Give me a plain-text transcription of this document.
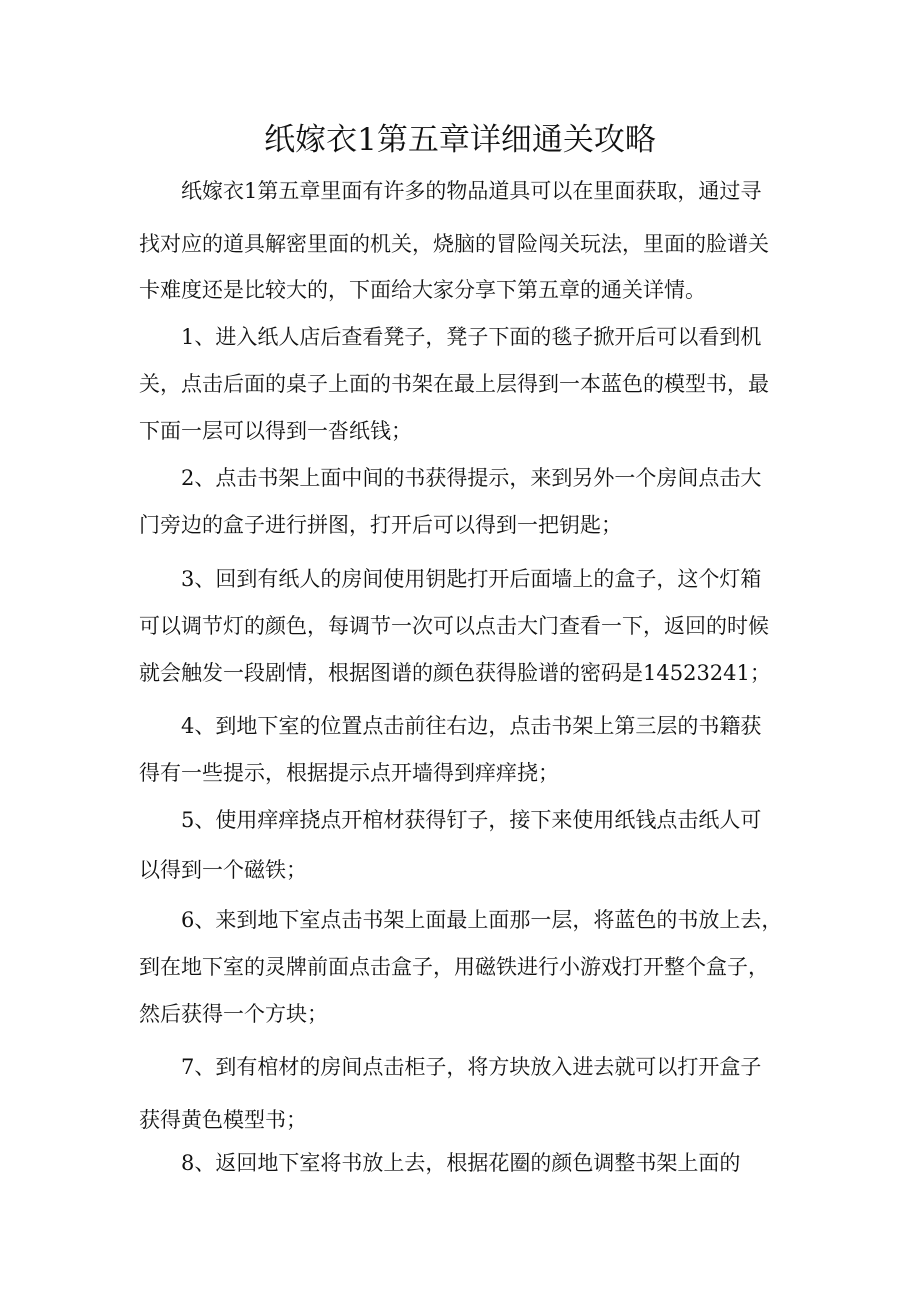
纸嫁衣1第五章详细通关攻略

纸嫁衣1第五章里面有许多的物品道具可以在里面获取，通过寻

找对应的道具解密里面的机关，烧脑的冒险闯关玩法，里面的脸谱关

卡难度还是比较大的，下面给大家分享下第五章的通关详情。

1、进入纸人店后查看凳子，凳子下面的毯子掀开后可以看到机

关，点击后面的桌子上面的书架在最上层得到一本蓝色的模型书，最

下面一层可以得到一沓纸钱；

2、点击书架上面中间的书获得提示，来到另外一个房间点击大

门旁边的盒子进行拼图，打开后可以得到一把钥匙；

3、回到有纸人的房间使用钥匙打开后面墙上的盒子，这个灯箱

可以调节灯的颜色，每调节一次可以点击大门查看一下，返回的时候

就会触发一段剧情，根据图谱的颜色获得脸谱的密码是14523241；

4、到地下室的位置点击前往右边，点击书架上第三层的书籍获

得有一些提示，根据提示点开墙得到痒痒挠；

5、使用痒痒挠点开棺材获得钉子，接下来使用纸钱点击纸人可

以得到一个磁铁；

6、来到地下室点击书架上面最上面那一层，将蓝色的书放上去，

到在地下室的灵牌前面点击盒子，用磁铁进行小游戏打开整个盒子，

然后获得一个方块；

7、到有棺材的房间点击柜子，将方块放入进去就可以打开盒子

获得黄色模型书；

8、返回地下室将书放上去，根据花圈的颜色调整书架上面的
